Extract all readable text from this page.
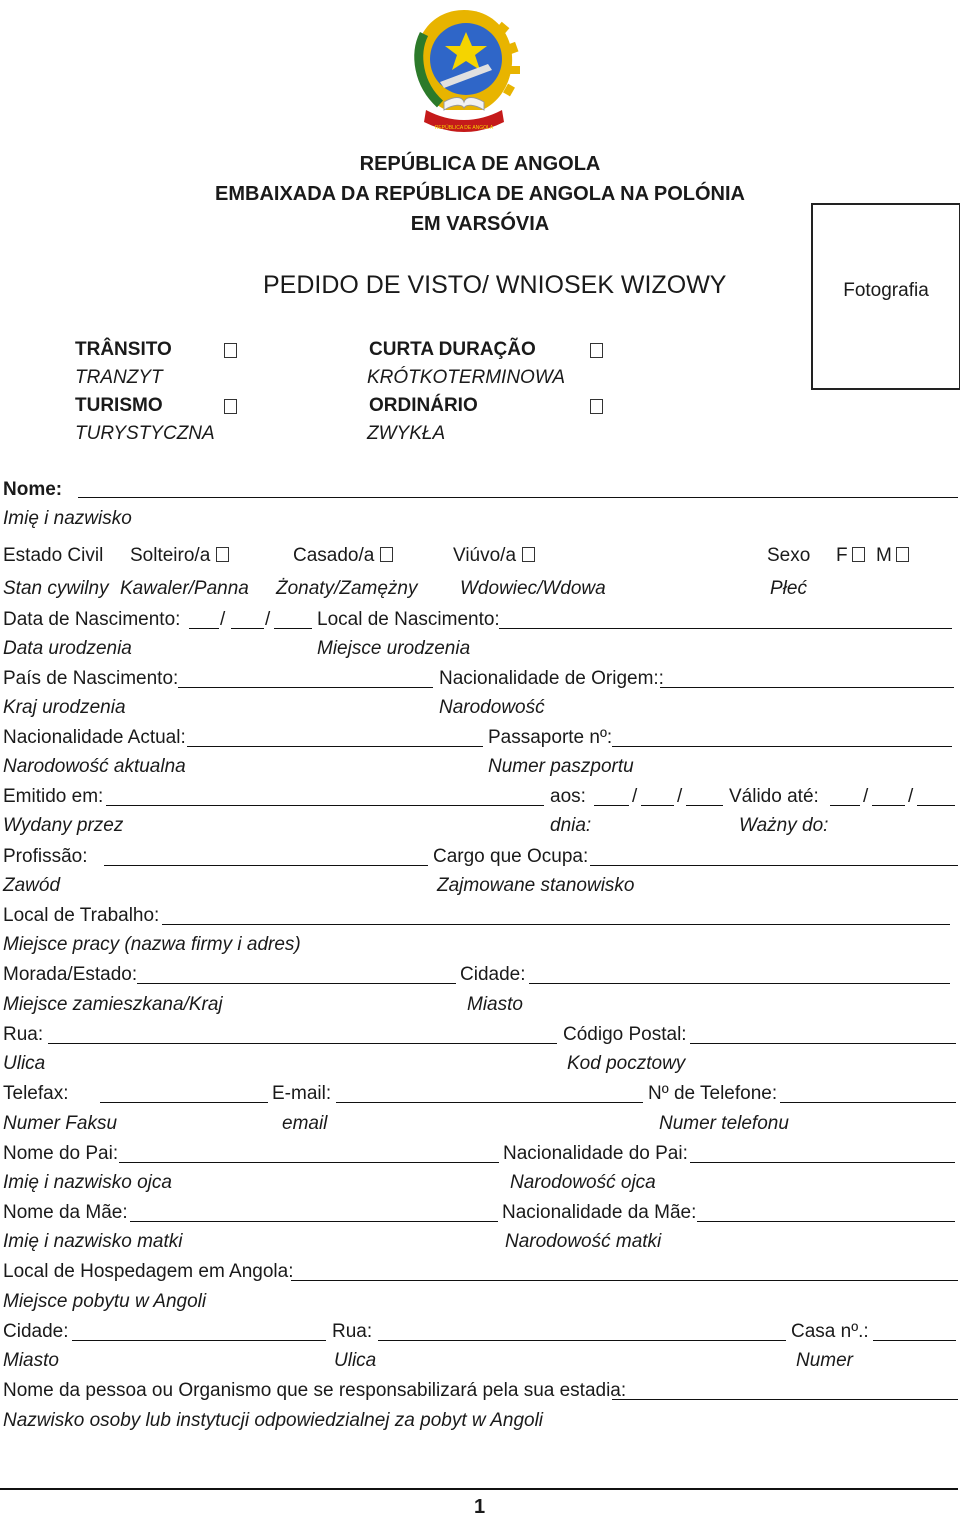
REPÚBLICA DE ANGOLA
REPÚBLICA DE ANGOLA
EMBAIXADA DA REPÚBLICA DE ANGOLA NA POLÓNIA
EM VARSÓVIA
PEDIDO DE VISTO/ WNIOSEK WIZOWY	Fotografia
TRÂNSITO
TRANZYT
CURTA DURAÇÃO
KRÓTKOTERMINOWA
TURISMO
TURYSTYCZNA
ORDINÁRIO
ZWYKŁA
Nome:
Imię i nazwisko
Estado Civil Solteiro/a	Casado/a	Viúvo/a	Sexo F	M
Stan cywilny Kawaler/Panna Żonaty/Zamężny Wdowiec/Wdowa	Płeć
Data de Nascimento: / / Local de Nascimento:
Data urodzenia	Miejsce urodzenia
País de Nascimento:	Nacionalidade de Origem::
Kraj urodzenia	Narodowość
Nacionalidade Actual:	Passaporte nº:
Narodowość aktualna	Numer paszportu
Emitido em:	aos: / / Válido até: / /
Wydany przez	dnia:	Ważny do:
Profissão:	Cargo que Ocupa:
Zawód	Zajmowane stanowisko
Local de Trabalho:
Miejsce pracy (nazwa firmy i adres)
Morada/Estado:	Cidade:
Miejsce zamieszkana/Kraj	Miasto
Rua:	Código Postal:
Ulica	Kod pocztowy
Telefax:	E-mail:	Nº de Telefone:
Numer Faksu	email	Numer telefonu
Nome do Pai:	Nacionalidade do Pai:
Imię i nazwisko ojca	Narodowość ojca
Nome da Mãe:	Nacionalidade da Mãe:
Imię i nazwisko matki	Narodowość matki
Local de Hospedagem em Angola:
Miejsce pobytu w Angoli
Cidade:	Rua:	Casa nº.:
Miasto	Ulica	Numer
Nome da pessoa ou Organismo que se responsabilizará pela sua estadia:
Nazwisko osoby lub instytucji odpowiedzialnej za pobyt w Angoli
1
